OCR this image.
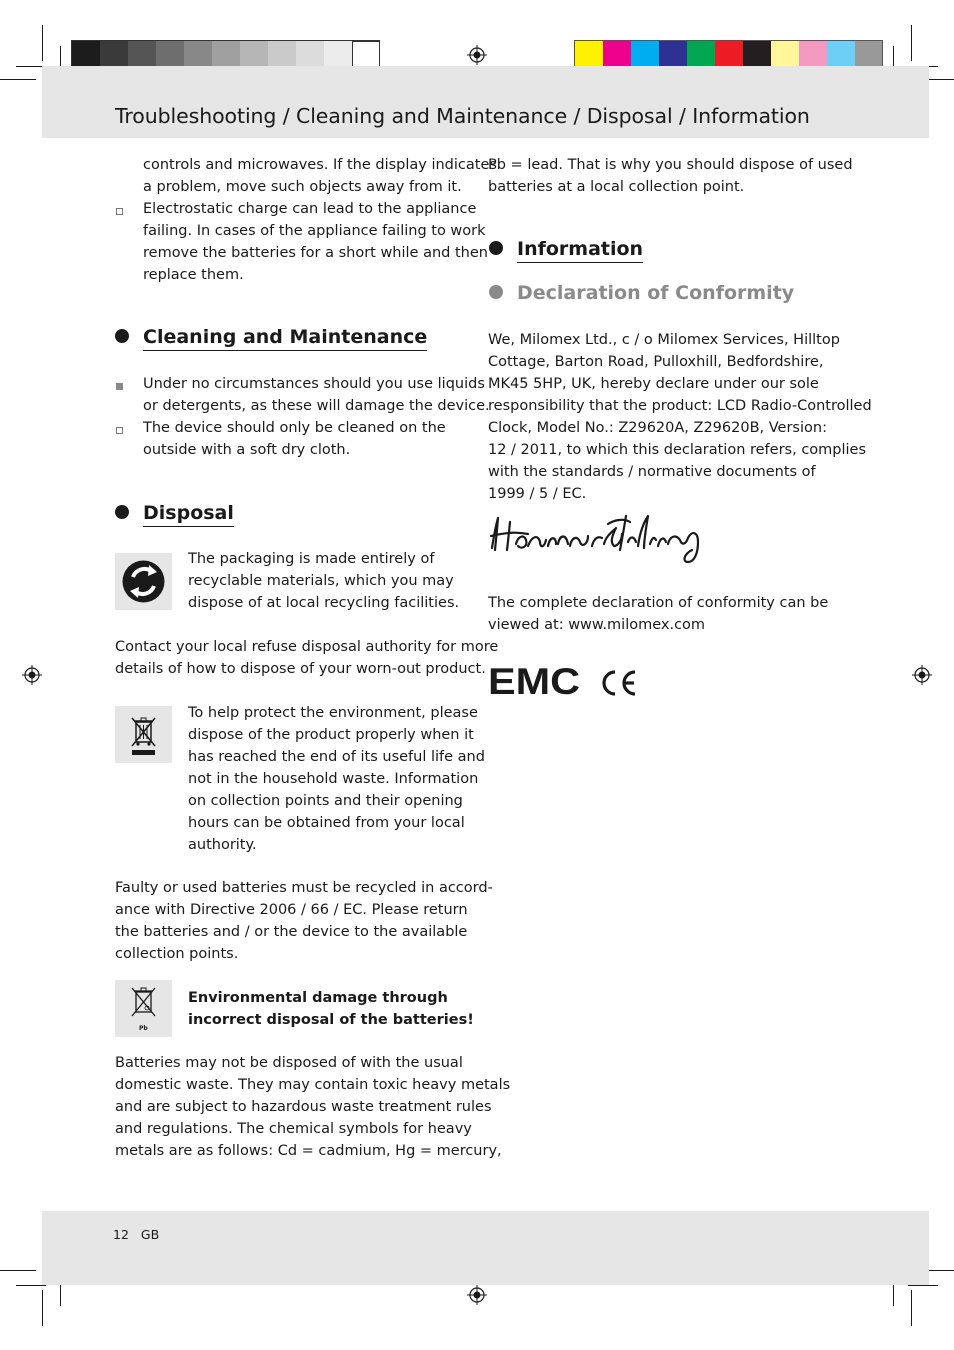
Troubleshooting / Cleaning and Maintenance / Disposal / Information
controls and microwaves. If the display indicates
a problem, move such objects away from it.
Electrostatic charge can lead to the appliance
failing. In cases of the appliance failing to work
remove the batteries for a short while and then
replace them.
Cleaning and Maintenance
Under no circumstances should you use liquids
or detergents, as these will damage the device.
The device should only be cleaned on the
outside with a soft dry cloth.
Disposal
The packaging is made entirely of
recyclable materials, which you may
dispose of at local recycling facilities.
Contact your local refuse disposal authority for more
details of how to dispose of your worn-out product.
To help protect the environment, please
dispose of the product properly when it
has reached the end of its useful life and
not in the household waste. Information
on collection points and their opening
hours can be obtained from your local
authority.
Faulty or used batteries must be recycled in accord-
ance with Directive 2006 / 66 / EC. Please return
the batteries and / or the device to the available
collection points.
Pb
Environmental damage through
incorrect disposal of the batteries!
Batteries may not be disposed of with the usual
domestic waste. They may contain toxic heavy metals
and are subject to hazardous waste treatment rules
and regulations. The chemical symbols for heavy
metals are as follows: Cd = cadmium, Hg = mercury,
Pb = lead. That is why you should dispose of used
batteries at a local collection point.
Information
Declaration of Conformity
We, Milomex Ltd., c / o Milomex Services, Hilltop
Cottage, Barton Road, Pulloxhill, Bedfordshire,
MK45 5HP, UK, hereby declare under our sole
responsibility that the product: LCD Radio-Controlled
Clock, Model No.: Z29620A, Z29620B, Version:
12 / 2011, to which this declaration refers, complies
with the standards / normative documents of
1999 / 5 / EC.
The complete declaration of conformity can be
viewed at: www.milomex.com
EMC
12 GB
